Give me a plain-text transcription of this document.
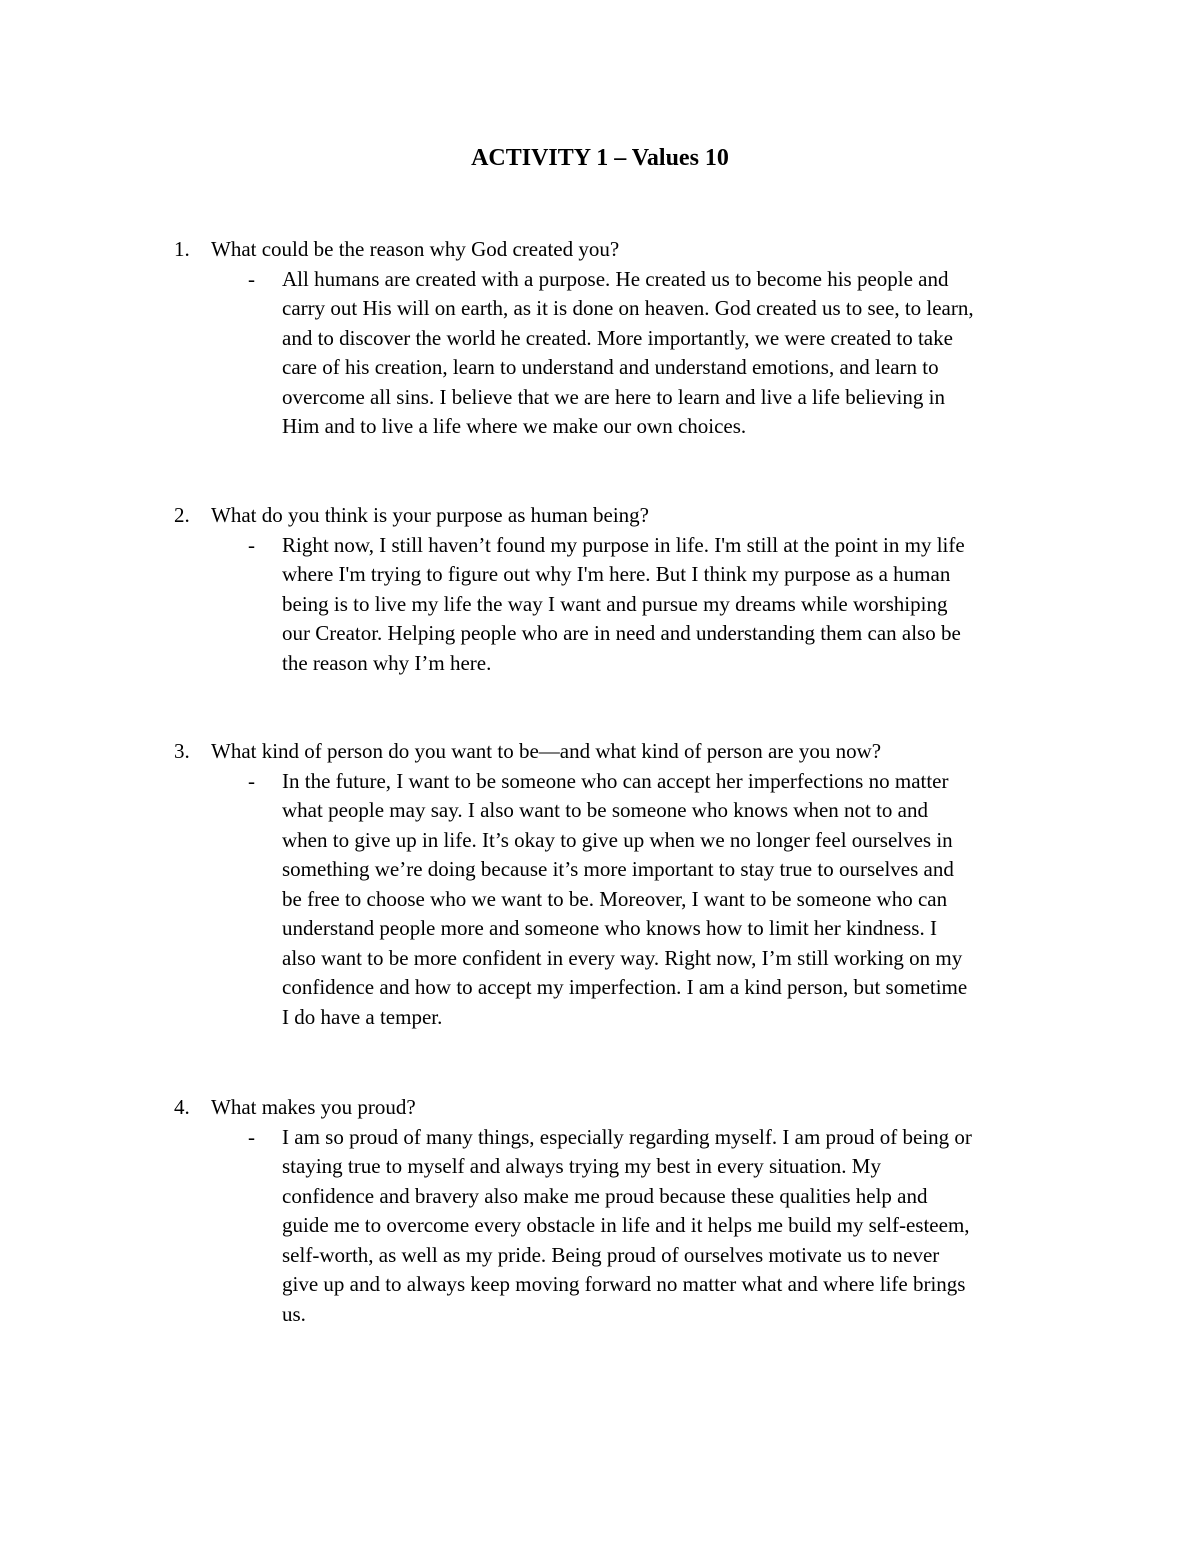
ACTIVITY 1 – Values 10
1. What could be the reason why God created you?
- All humans are created with a purpose. He created us to become his people and
carry out His will on earth, as it is done on heaven. God created us to see, to learn,
and to discover the world he created. More importantly, we were created to take
care of his creation, learn to understand and understand emotions, and learn to
overcome all sins. I believe that we are here to learn and live a life believing in
Him and to live a life where we make our own choices.
2. What do you think is your purpose as human being?
- Right now, I still haven’t found my purpose in life. I'm still at the point in my life
where I'm trying to figure out why I'm here. But I think my purpose as a human
being is to live my life the way I want and pursue my dreams while worshiping
our Creator. Helping people who are in need and understanding them can also be
the reason why I’m here.
3. What kind of person do you want to be—and what kind of person are you now?
- In the future, I want to be someone who can accept her imperfections no matter
what people may say. I also want to be someone who knows when not to and
when to give up in life. It’s okay to give up when we no longer feel ourselves in
something we’re doing because it’s more important to stay true to ourselves and
be free to choose who we want to be. Moreover, I want to be someone who can
understand people more and someone who knows how to limit her kindness. I
also want to be more confident in every way. Right now, I’m still working on my
confidence and how to accept my imperfection. I am a kind person, but sometime
I do have a temper.
4. What makes you proud?
- I am so proud of many things, especially regarding myself. I am proud of being or
staying true to myself and always trying my best in every situation. My
confidence and bravery also make me proud because these qualities help and
guide me to overcome every obstacle in life and it helps me build my self-esteem,
self-worth, as well as my pride. Being proud of ourselves motivate us to never
give up and to always keep moving forward no matter what and where life brings
us.
